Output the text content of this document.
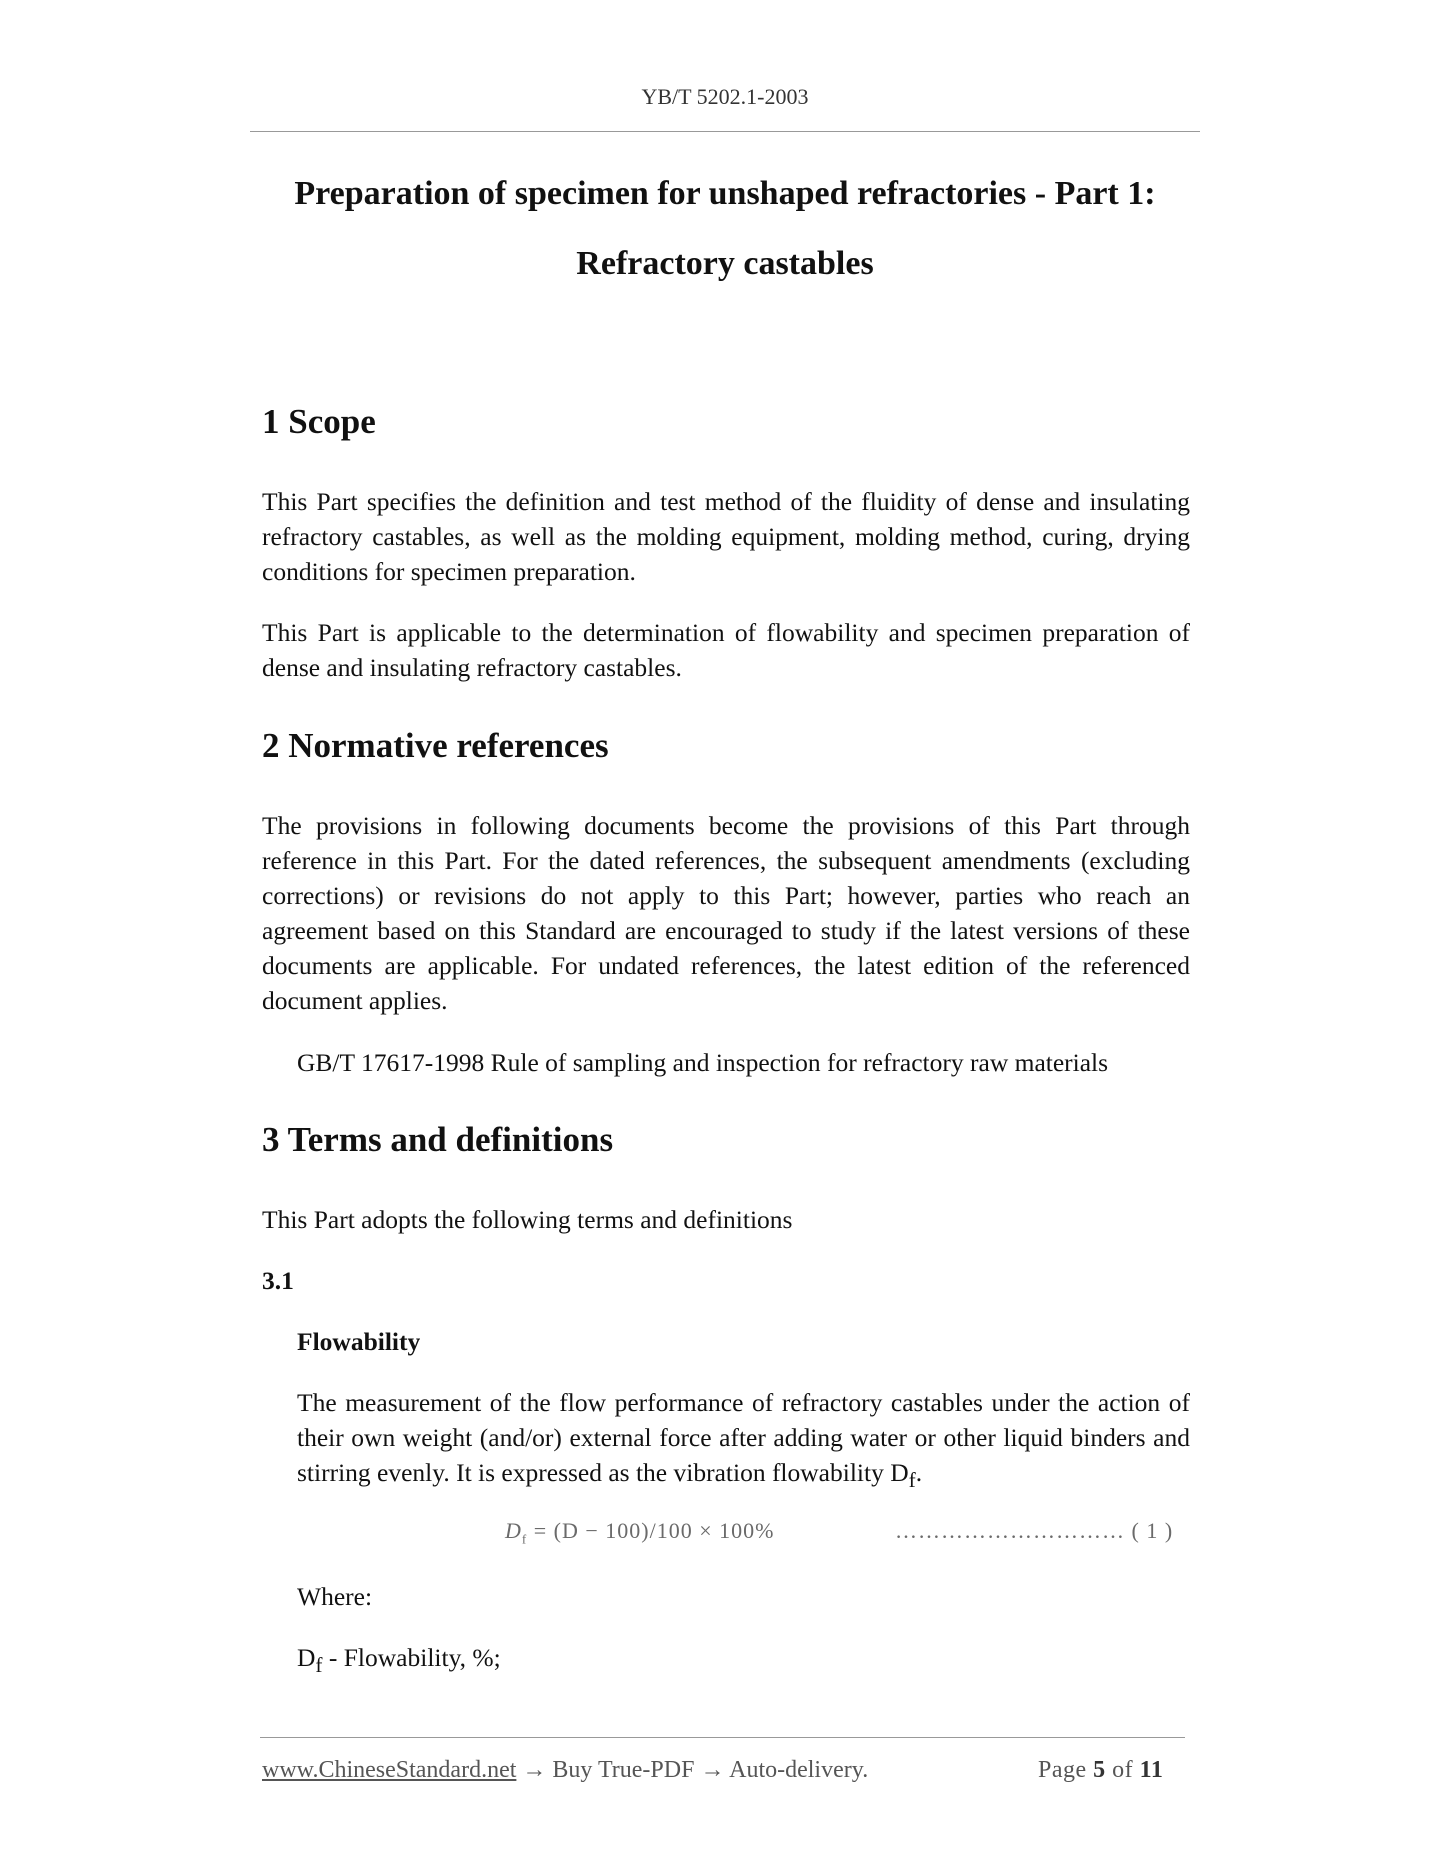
YB/T 5202.1-2003
Preparation of specimen for unshaped refractories - Part 1:
Refractory castables
1 Scope
This Part specifies the definition and test method of the fluidity of dense and insulating refractory castables, as well as the molding equipment, molding method, curing, drying conditions for specimen preparation.
This Part is applicable to the determination of flowability and specimen preparation of dense and insulating refractory castables.
2 Normative references
The provisions in following documents become the provisions of this Part through reference in this Part. For the dated references, the subsequent amendments (excluding corrections) or revisions do not apply to this Part; however, parties who reach an agreement based on this Standard are encouraged to study if the latest versions of these documents are applicable. For undated references, the latest edition of the referenced document applies.
GB/T 17617-1998 Rule of sampling and inspection for refractory raw materials
3 Terms and definitions
This Part adopts the following terms and definitions
3.1
Flowability
The measurement of the flow performance of refractory castables under the action of their own weight (and/or) external force after adding water or other liquid binders and stirring evenly. It is expressed as the vibration flowability $D_f$.
$D_f = (D - 100)/100 \times 100\%$	………………………… ( 1 )
Where:
$D_f$ - Flowability, %;
www.ChineseStandard.net → Buy True-PDF → Auto-delivery.	Page 5 of 11
